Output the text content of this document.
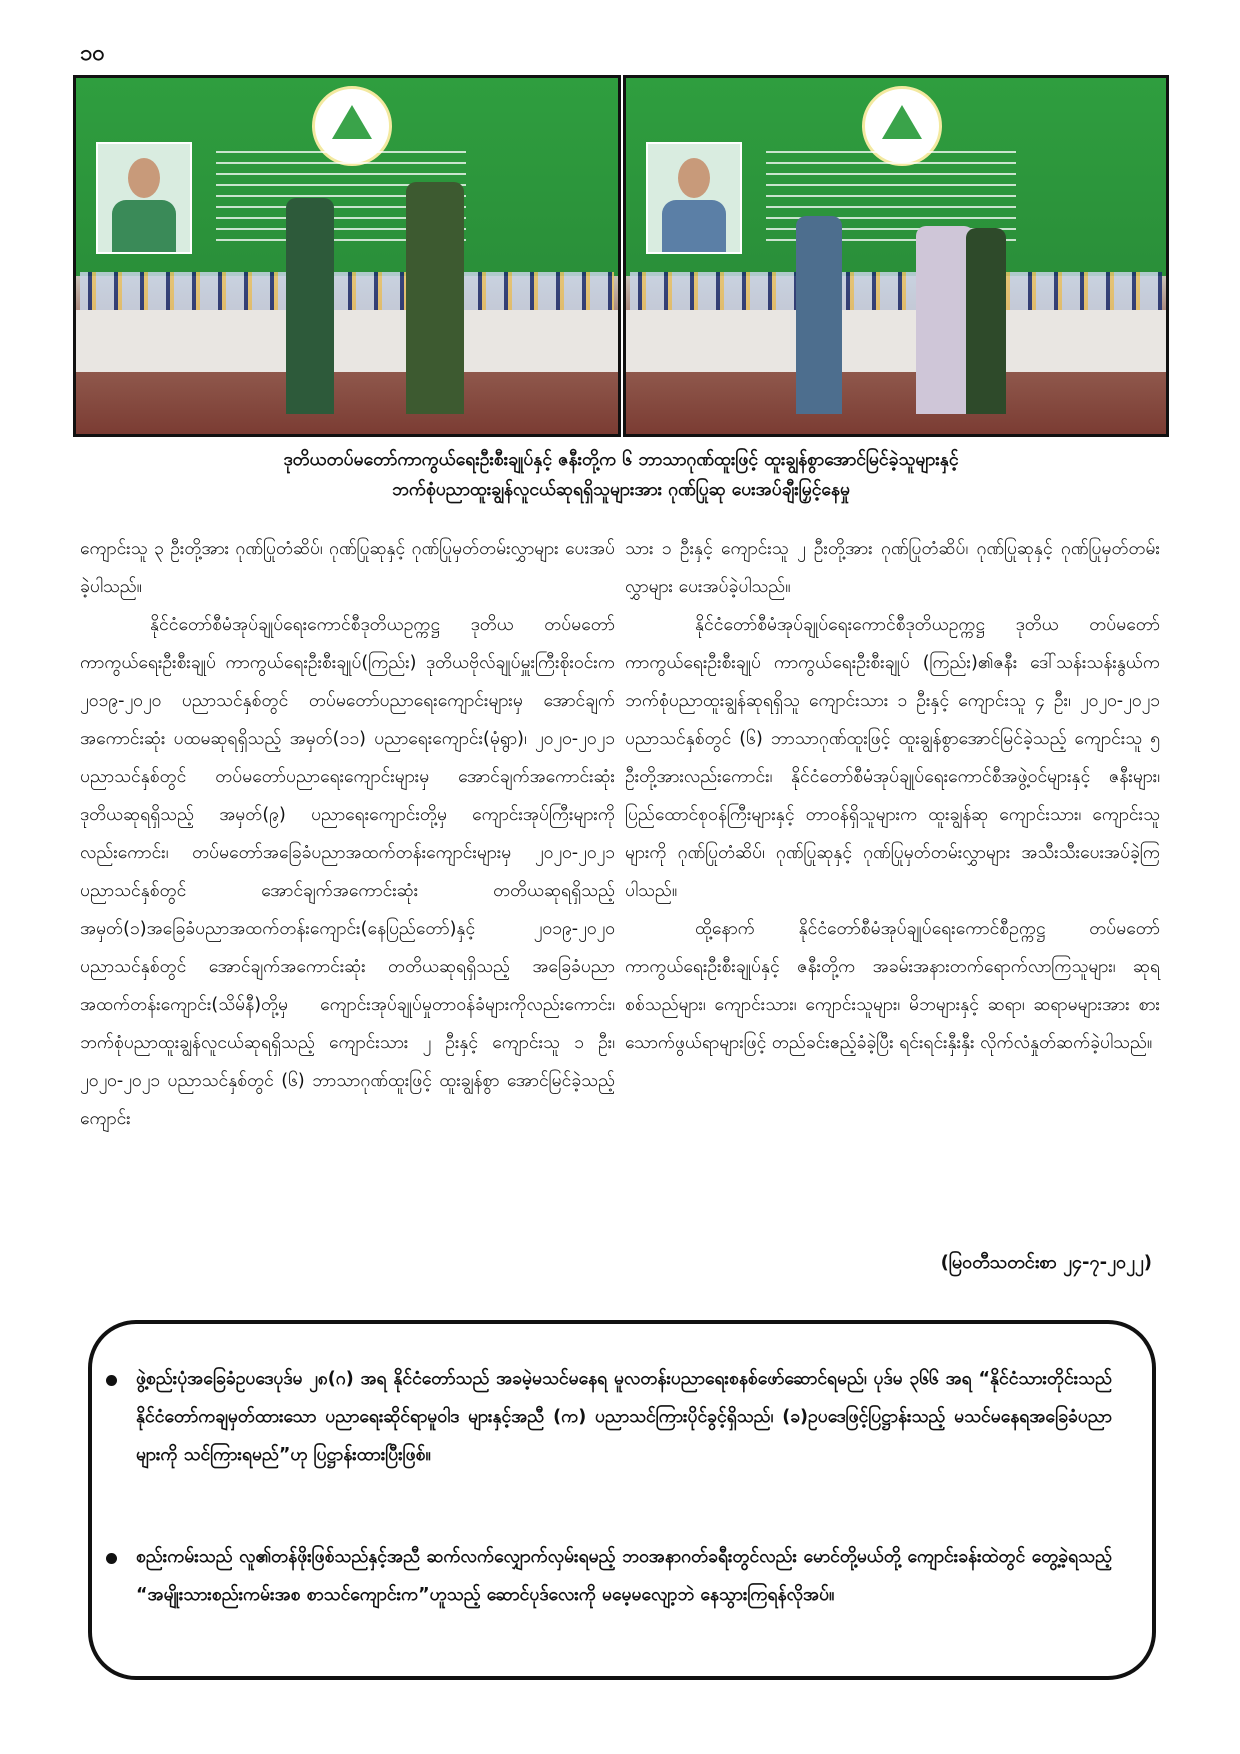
၁၀
ဒုတိယတပ်မတော်ကာကွယ်ရေးဦးစီးချုပ်နှင့် ဇနီးတို့က ၆ ဘာသာဂုဏ်ထူးဖြင့် ထူးချွန်စွာအောင်မြင်ခဲ့သူများနှင့်
ဘက်စုံပညာထူးချွန်လူငယ်ဆုရရှိသူများအား ဂုဏ်ပြုဆု ပေးအပ်ချီးမြှင့်နေမှု

ကျောင်းသူ ၃ ဦးတို့အား ဂုဏ်ပြုတံဆိပ်၊ ဂုဏ်ပြုဆုနှင့် ဂုဏ်ပြုမှတ်တမ်းလွှာများ ပေးအပ်ခဲ့ပါသည်။

နိုင်ငံတော်စီမံအုပ်ချုပ်ရေးကောင်စီဒုတိယဥက္ကဋ္ဌ ဒုတိယ တပ်မတော်ကာကွယ်ရေးဦးစီးချုပ် ကာကွယ်ရေးဦးစီးချုပ်(ကြည်း) ဒုတိယဗိုလ်ချုပ်မှူးကြီးစိုးဝင်းက ၂၀၁၉-၂၀၂၀ ပညာသင်နှစ်တွင် တပ်မတော်ပညာရေးကျောင်းများမှ အောင်ချက်အကောင်းဆုံး ပထမဆုရရှိသည့် အမှတ်(၁၁) ပညာရေးကျောင်း(မုံရွာ)၊ ၂၀၂၀-၂၀၂၁ ပညာသင်နှစ်တွင် တပ်မတော်ပညာရေးကျောင်းများမှ အောင်ချက်အကောင်းဆုံး ဒုတိယဆုရရှိသည့် အမှတ်(၉) ပညာရေးကျောင်းတို့မှ ကျောင်းအုပ်ကြီးများကိုလည်းကောင်း၊ တပ်မတော်အခြေခံပညာအထက်တန်းကျောင်းများမှ ၂၀၂၀-၂၀၂၁ ပညာသင်နှစ်တွင် အောင်ချက်အကောင်းဆုံး တတိယဆုရရှိသည့် အမှတ်(၁)အခြေခံပညာအထက်တန်းကျောင်း(နေပြည်တော်)နှင့် ၂၀၁၉-၂၀၂၀ ပညာသင်နှစ်တွင် အောင်ချက်အကောင်းဆုံး တတိယဆုရရှိသည့် အခြေခံပညာအထက်တန်းကျောင်း(သိမ်နီ)တို့မှ ကျောင်းအုပ်ချုပ်မှုတာဝန်ခံများကိုလည်းကောင်း၊ ဘက်စုံပညာထူးချွန်လူငယ်ဆုရရှိသည့် ကျောင်းသား ၂ ဦးနှင့် ကျောင်းသူ ၁ ဦး၊ ၂၀၂၀-၂၀၂၁ ပညာသင်နှစ်တွင် (၆) ဘာသာဂုဏ်ထူးဖြင့် ထူးချွန်စွာ အောင်မြင်ခဲ့သည့် ကျောင်း

သား ၁ ဦးနှင့် ကျောင်းသူ ၂ ဦးတို့အား ဂုဏ်ပြုတံဆိပ်၊ ဂုဏ်ပြုဆုနှင့် ဂုဏ်ပြုမှတ်တမ်းလွှာများ ပေးအပ်ခဲ့ပါသည်။

နိုင်ငံတော်စီမံအုပ်ချုပ်ရေးကောင်စီဒုတိယဥက္ကဋ္ဌ ဒုတိယ တပ်မတော်ကာကွယ်ရေးဦးစီးချုပ် ကာကွယ်ရေးဦးစီးချုပ် (ကြည်း)၏ဇနီး ဒေါ်သန်းသန်းနွယ်က ဘက်စုံပညာထူးချွန်ဆုရရှိသူ ကျောင်းသား ၁ ဦးနှင့် ကျောင်းသူ ၄ ဦး၊ ၂၀၂၀-၂၀၂၁ ပညာသင်နှစ်တွင် (၆) ဘာသာဂုဏ်ထူးဖြင့် ထူးချွန်စွာအောင်မြင်ခဲ့သည့် ကျောင်းသူ ၅ ဦးတို့အားလည်းကောင်း၊ နိုင်ငံတော်စီမံအုပ်ချုပ်ရေးကောင်စီအဖွဲ့ဝင်များနှင့် ဇနီးများ၊ ပြည်ထောင်စုဝန်ကြီးများနှင့် တာဝန်ရှိသူများက ထူးချွန်ဆု ကျောင်းသား၊ ကျောင်းသူများကို ဂုဏ်ပြုတံဆိပ်၊ ဂုဏ်ပြုဆုနှင့် ဂုဏ်ပြုမှတ်တမ်းလွှာများ အသီးသီးပေးအပ်ခဲ့ကြပါသည်။

ထို့နောက် နိုင်ငံတော်စီမံအုပ်ချုပ်ရေးကောင်စီဥက္ကဋ္ဌ တပ်မတော်ကာကွယ်ရေးဦးစီးချုပ်နှင့် ဇနီးတို့က အခမ်းအနားတက်ရောက်လာကြသူများ၊ ဆုရစစ်သည်များ၊ ကျောင်းသား၊ ကျောင်းသူများ၊ မိဘများနှင့် ဆရာ၊ ဆရာမများအား စားသောက်ဖွယ်ရာများဖြင့် တည်ခင်းဧည့်ခံခဲ့ပြီး ရင်းရင်းနှီးနှီး လိုက်လံနှုတ်ဆက်ခဲ့ပါသည်။

(မြဝတီသတင်းစာ ၂၄-၇-၂၀၂၂)
ဖွဲ့စည်းပုံအခြေခံဥပဒေပုဒ်မ ၂၈(ဂ) အရ နိုင်ငံတော်သည် အခမဲ့မသင်မနေရ မူလတန်းပညာရေးစနစ်ဖော်ဆောင်ရမည်၊ ပုဒ်မ ၃၆၆ အရ “နိုင်ငံသားတိုင်းသည် နိုင်ငံတော်ကချမှတ်ထားသော ပညာရေးဆိုင်ရာမူဝါဒ များနှင့်အညီ (က) ပညာသင်ကြားပိုင်ခွင့်ရှိသည်၊ (ခ)ဥပဒေဖြင့်ပြဋ္ဌာန်းသည့် မသင်မနေရအခြေခံပညာများကို သင်ကြားရမည်”ဟု ပြဋ္ဌာန်းထားပြီးဖြစ်။
စည်းကမ်းသည် လူ၏တန်ဖိုးဖြစ်သည်နှင့်အညီ ဆက်လက်လျှောက်လှမ်းရမည့် ဘဝအနာဂတ်ခရီးတွင်လည်း မောင်တို့မယ်တို့ ကျောင်းခန်းထဲတွင် တွေ့ခဲ့ရသည့် “အမျိုးသားစည်းကမ်းအစ စာသင်ကျောင်းက”ဟူသည့် ဆောင်ပုဒ်လေးကို မမေ့မလျော့ဘဲ နေသွားကြရန်လိုအပ်။
